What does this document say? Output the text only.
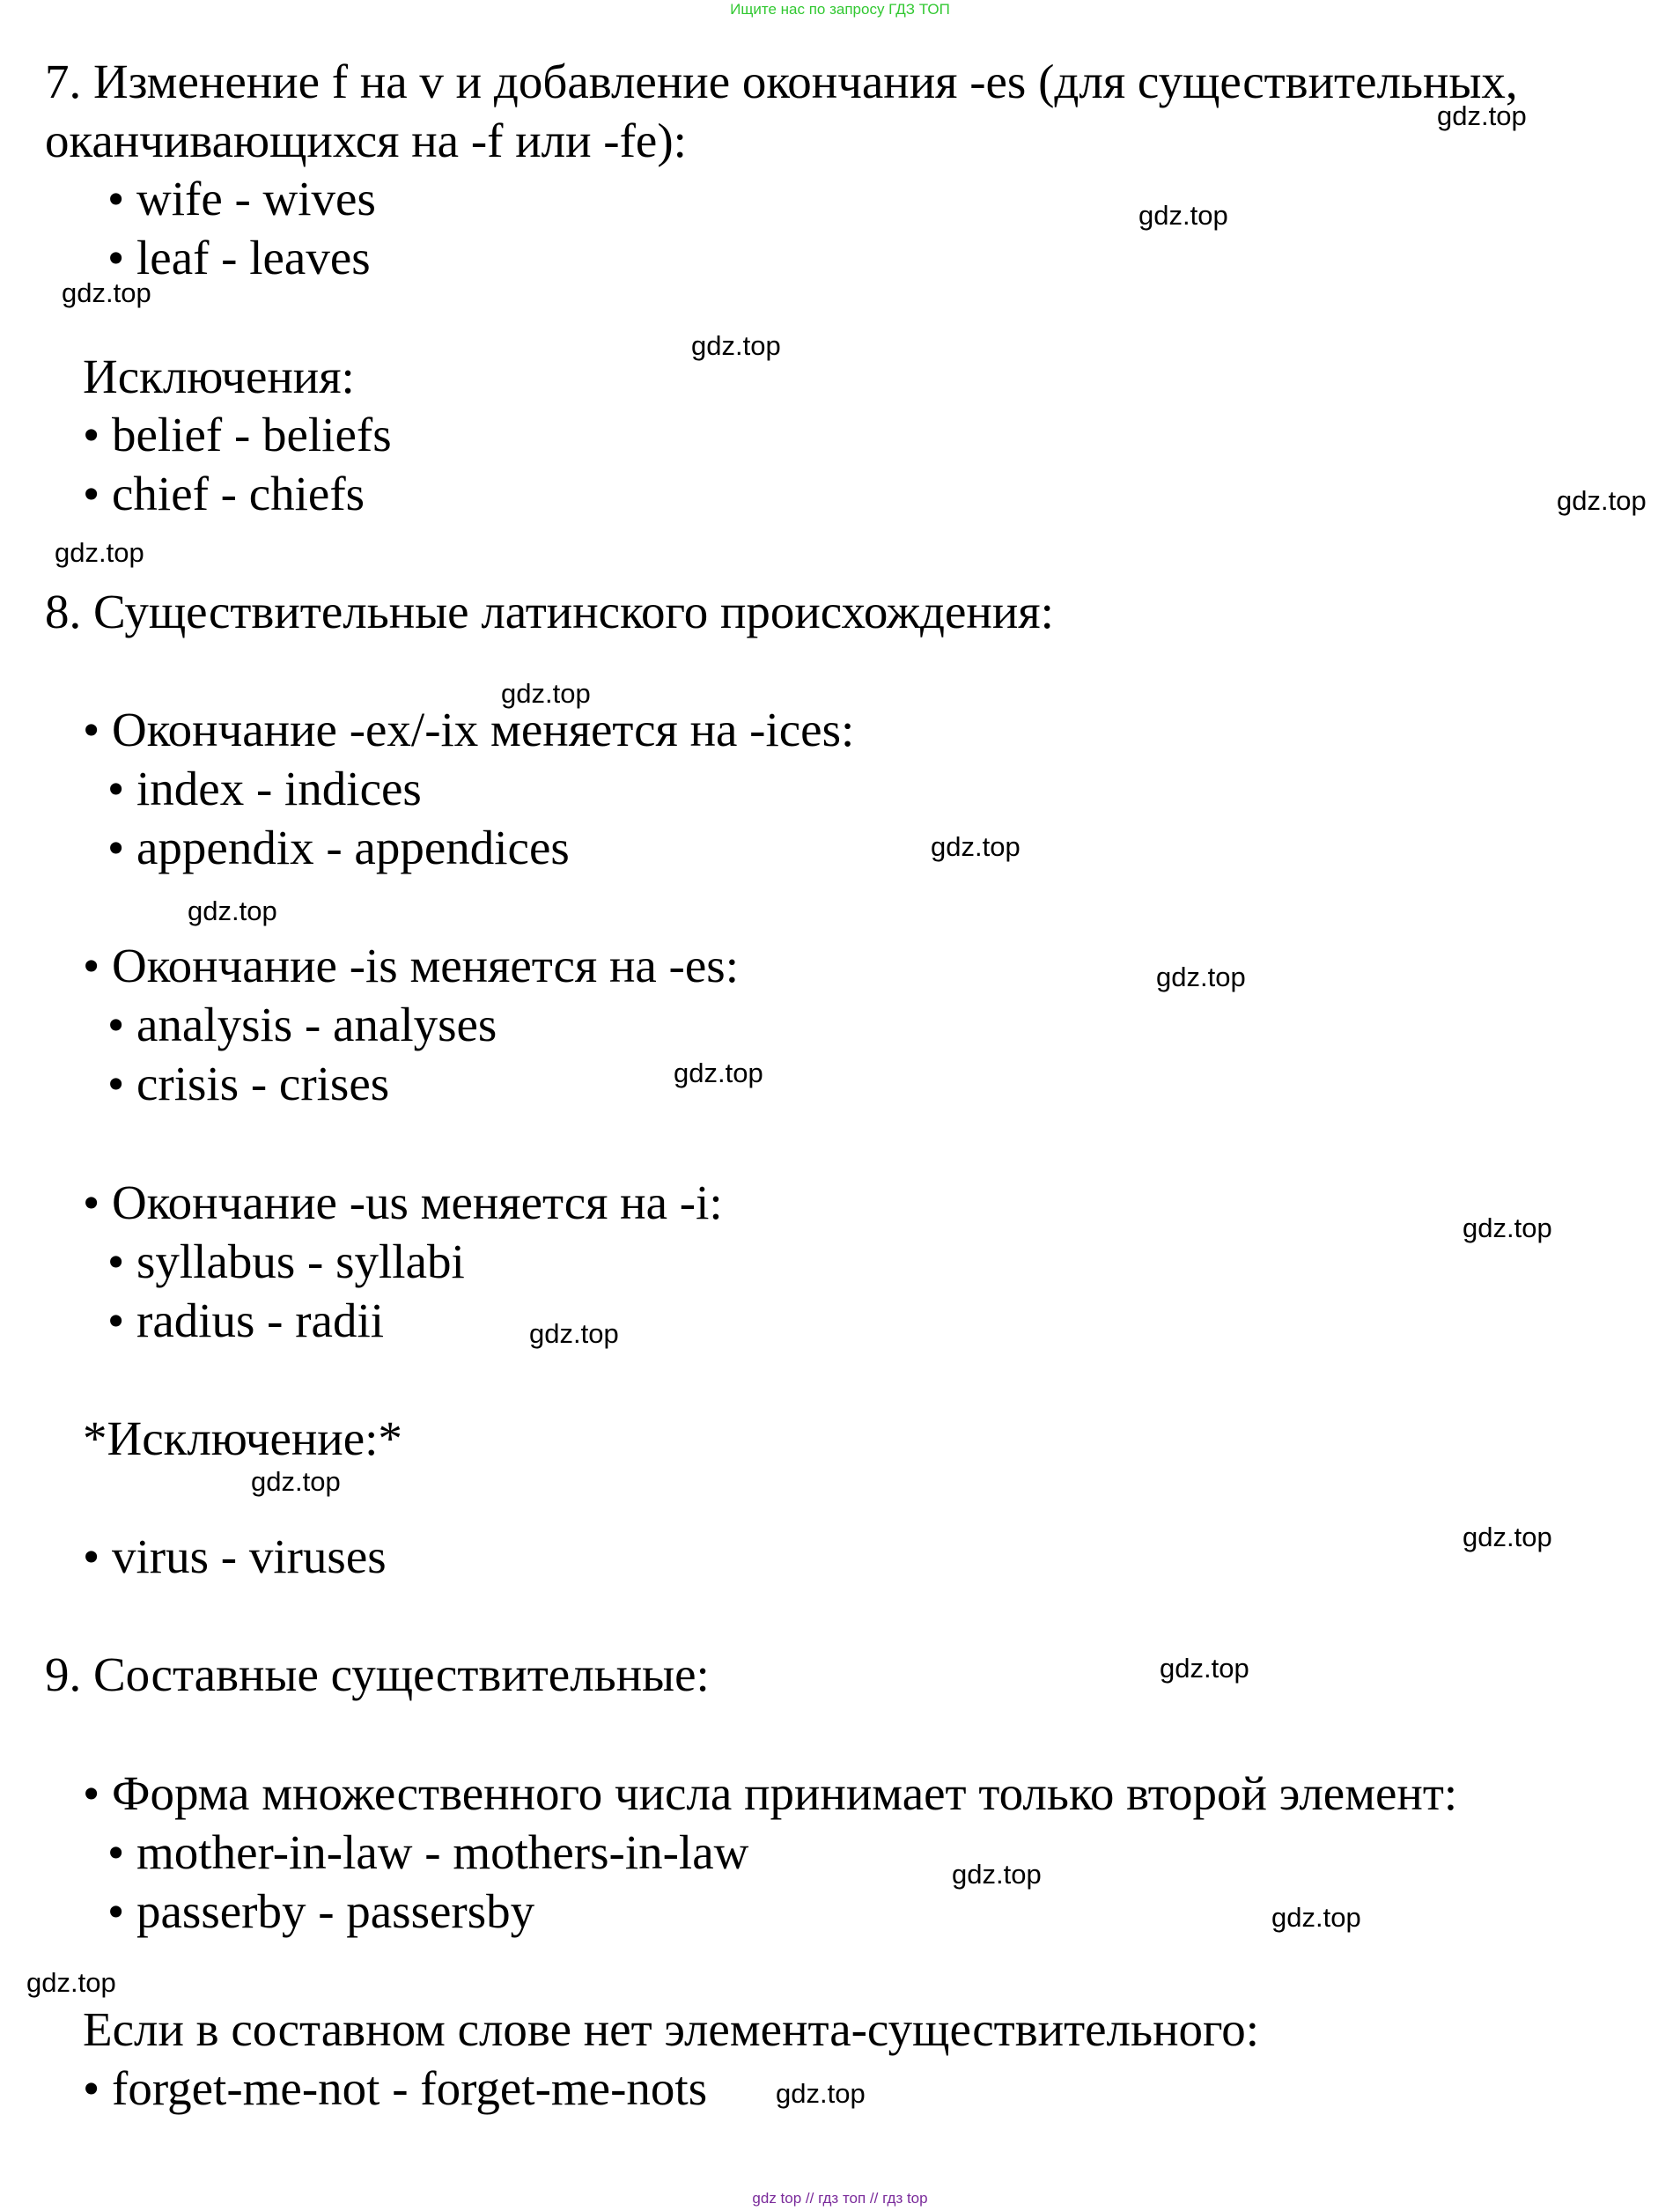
Ищите нас по запросу ГДЗ ТОП
7. Изменение f на v и добавление окончания -es (для существительных,
оканчивающихся на -f или -fe):
• wife - wives
• leaf - leaves
Исключения:
• belief - beliefs
• chief - chiefs
8. Существительные латинского происхождения:
• Окончание -ex/-ix меняется на -ices:
• index - indices
• appendix - appendices
• Окончание -is меняется на -es:
• analysis - analyses
• crisis - crises
• Окончание -us меняется на -i:
• syllabus - syllabi
• radius - radii
*Исключение:*
• virus - viruses
9. Составные существительные:
• Форма множественного числа принимает только второй элемент:
• mother-in-law - mothers-in-law
• passerby - passersby
Если в составном слове нет элемента-существительного:
• forget-me-not - forget-me-nots
gdz.top
gdz.top
gdz.top
gdz.top
gdz.top
gdz.top
gdz.top
gdz.top
gdz.top
gdz.top
gdz.top
gdz.top
gdz.top
gdz.top
gdz.top
gdz.top
gdz.top
gdz.top
gdz.top
gdz.top
gdz top // гдз топ // гдз top
